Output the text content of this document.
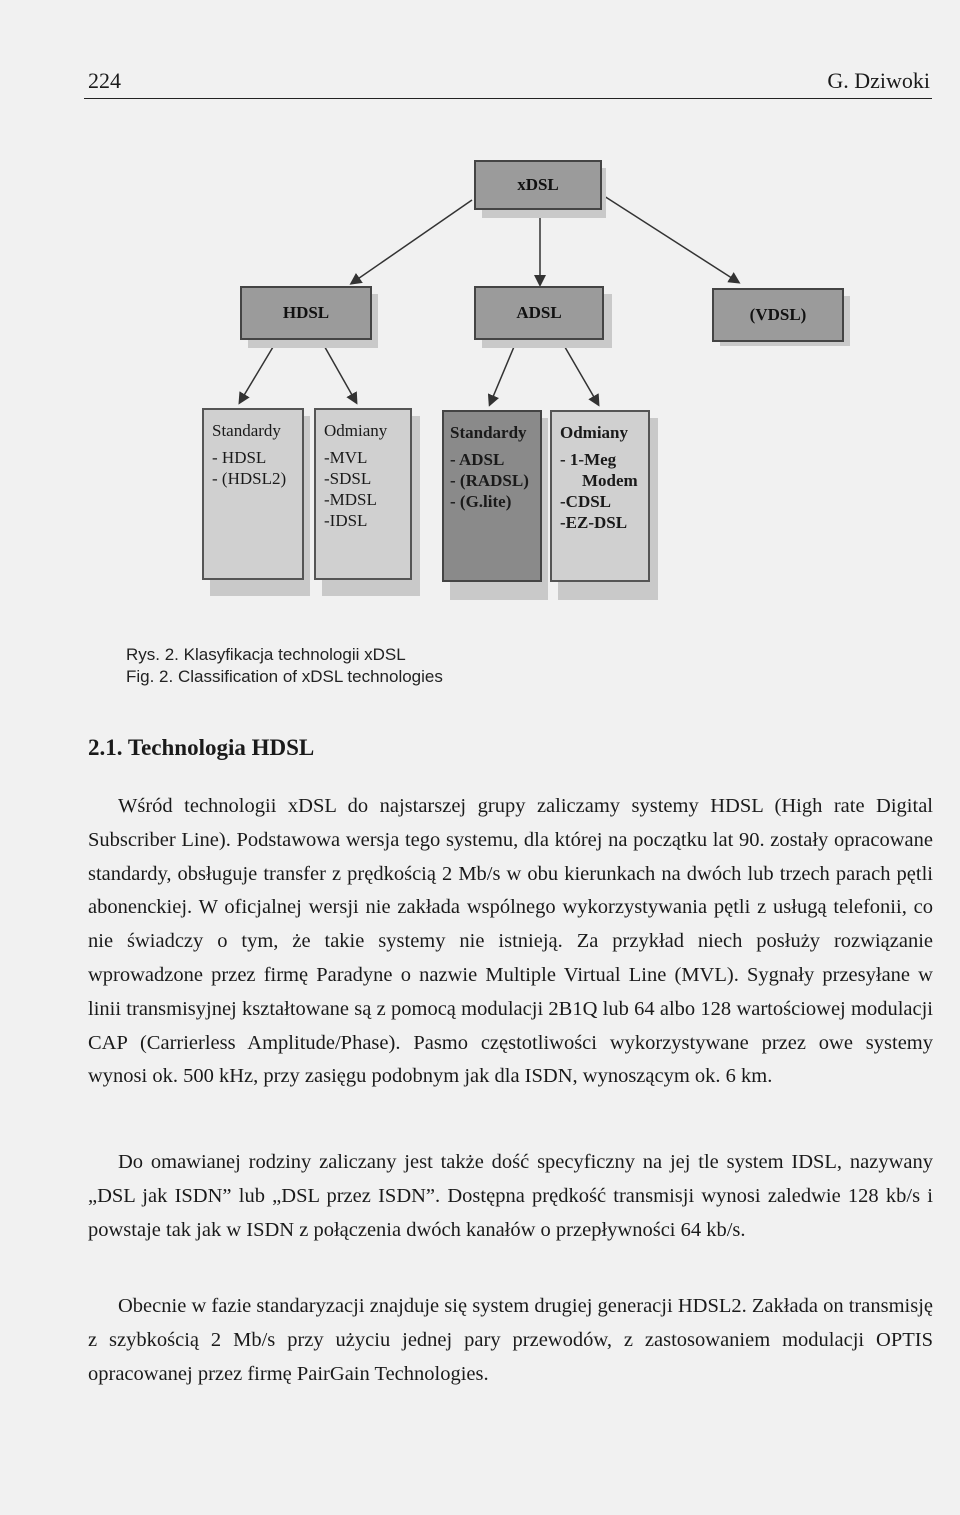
224	G. Dziwoki
xDSL
HDSL	ADSL	(VDSL)
Standardy
- HDSL
- (HDSL2)
Odmiany
-MVL
-SDSL
-MDSL
-IDSL
Standardy
- ADSL
- (RADSL)
- (G.lite)
Odmiany
- 1-Meg
Modem
-CDSL
-EZ-DSL
Rys. 2. Klasyfikacja technologii xDSL
Fig. 2. Classification of xDSL technologies
2.1. Technologia HDSL

Wśród technologii xDSL do najstarszej grupy zaliczamy systemy HDSL (High rate Digital Subscriber Line). Podstawowa wersja tego systemu, dla której na początku lat 90. zostały opracowane standardy, obsługuje transfer z prędkością 2 Mb/s w obu kierunkach na dwóch lub trzech parach pętli abonenckiej. W oficjalnej wersji nie zakłada wspólnego wykorzystywania pętli z usługą telefonii, co nie świadczy o tym, że takie systemy nie istnieją. Za przykład niech posłuży rozwiązanie wprowadzone przez firmę Paradyne o nazwie Multiple Virtual Line (MVL). Sygnały przesyłane w linii transmisyjnej kształtowane są z pomocą modulacji 2B1Q lub 64 albo 128 wartościowej modulacji CAP (Carrierless Amplitude/Phase). Pasmo częstotliwości wykorzystywane przez owe systemy wynosi ok. 500 kHz, przy zasięgu podobnym jak dla ISDN, wynoszącym ok. 6 km.

Do omawianej rodziny zaliczany jest także dość specyficzny na jej tle system IDSL, nazywany „DSL jak ISDN” lub „DSL przez ISDN”. Dostępna prędkość transmisji wynosi zaledwie 128 kb/s i powstaje tak jak w ISDN z połączenia dwóch kanałów o przepływności 64 kb/s.

Obecnie w fazie standaryzacji znajduje się system drugiej generacji HDSL2. Zakłada on transmisję z szybkością 2 Mb/s przy użyciu jednej pary przewodów, z zastosowaniem modulacji OPTIS opracowanej przez firmę PairGain Technologies.
